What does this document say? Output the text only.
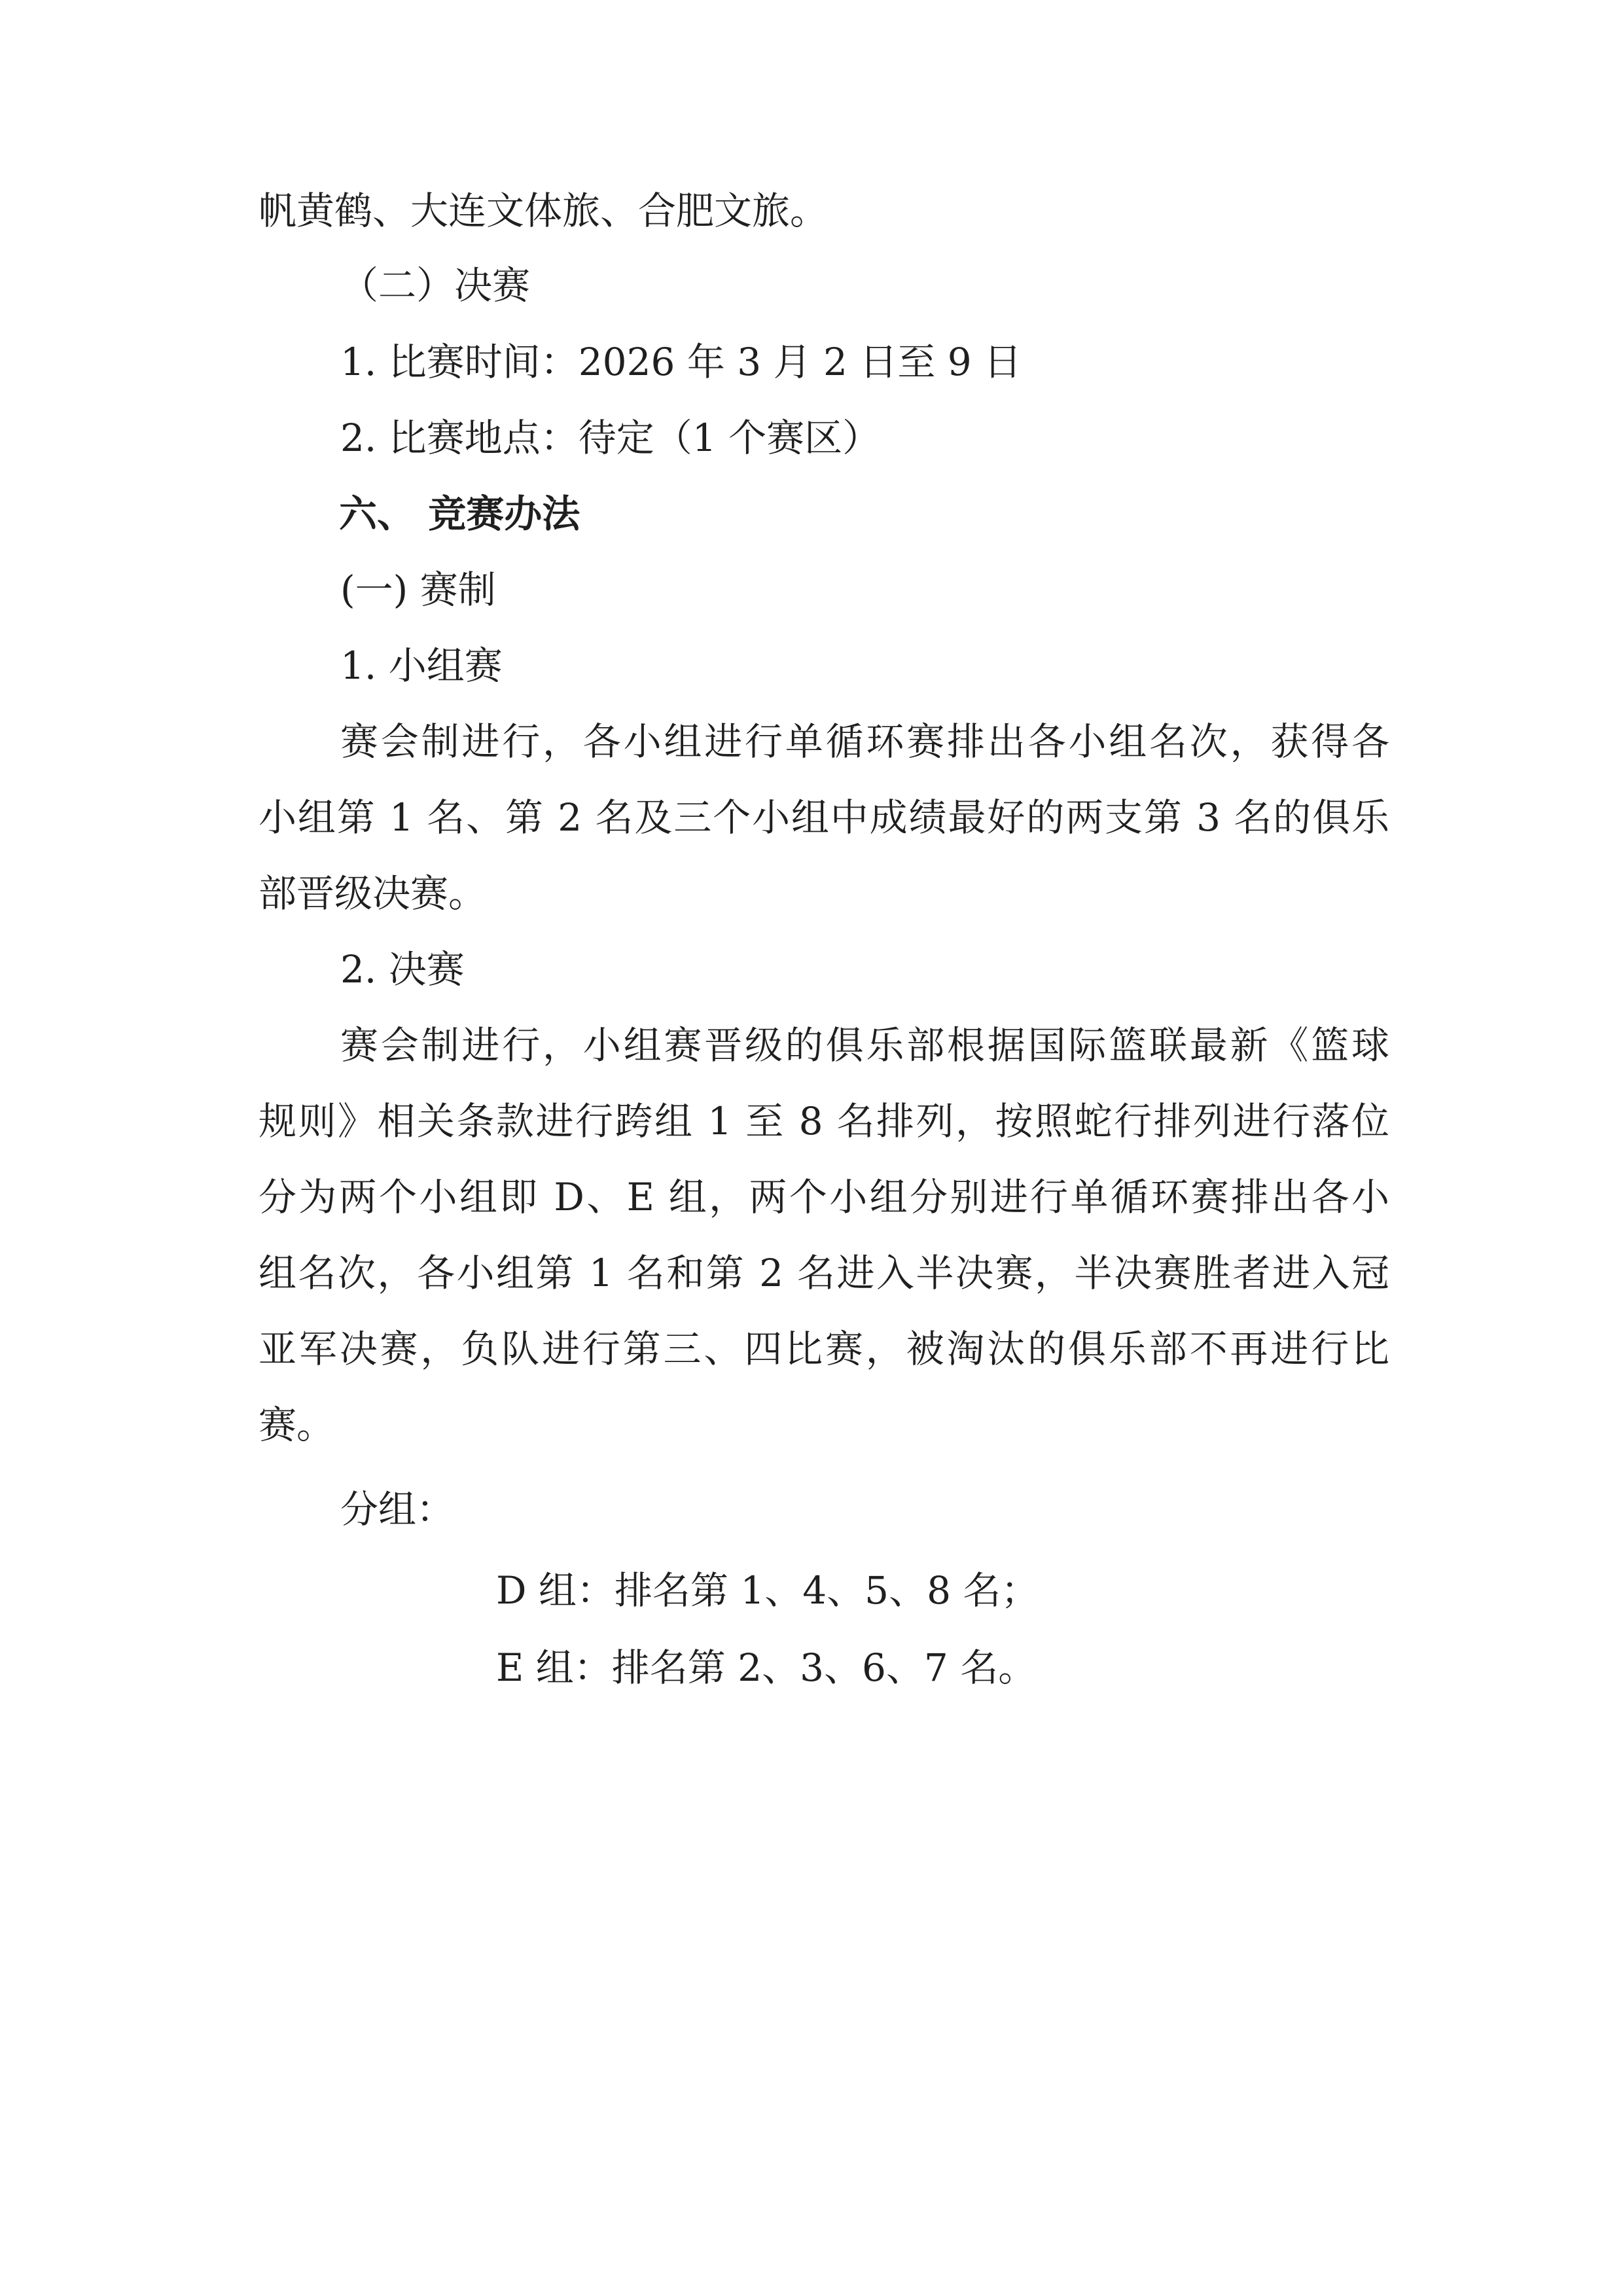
帆黄鹤、大连文体旅、合肥文旅。
（二）决赛
1. 比赛时间：2026 年 3 月 2 日至 9 日
2. 比赛地点：待定（1 个赛区）
六、 竞赛办法
(一) 赛制
1. 小组赛
赛会制进行，各小组进行单循环赛排出各小组名次，获得各
小组第 1 名、第 2 名及三个小组中成绩最好的两支第 3 名的俱乐
部晋级决赛。
2. 决赛
赛会制进行，小组赛晋级的俱乐部根据国际篮联最新《篮球
规则》相关条款进行跨组 1 至 8 名排列，按照蛇行排列进行落位
分为两个小组即 D、E 组，两个小组分别进行单循环赛排出各小
组名次，各小组第 1 名和第 2 名进入半决赛，半决赛胜者进入冠
亚军决赛，负队进行第三、四比赛，被淘汰的俱乐部不再进行比
赛。
分组：
D 组：排名第 1、4、5、8 名；
E 组：排名第 2、3、6、7 名。
